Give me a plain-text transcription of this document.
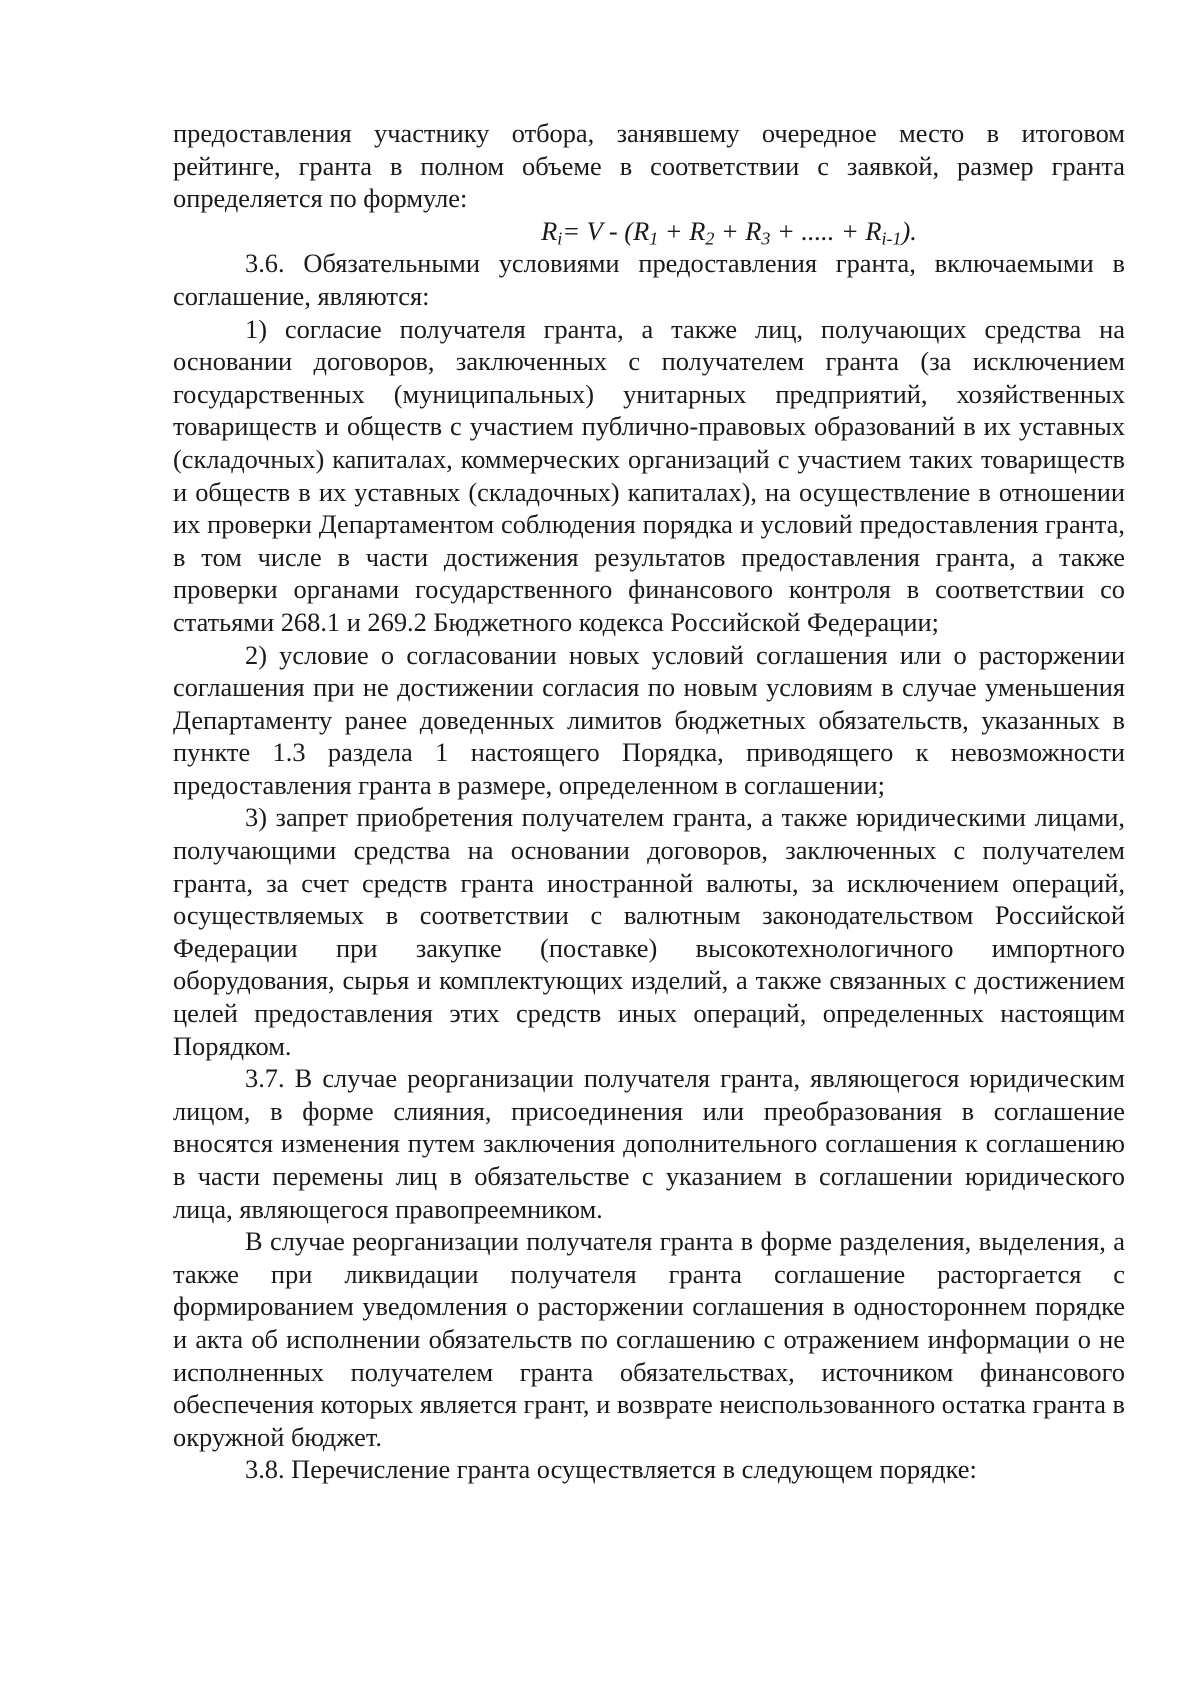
предоставления участнику отбора, занявшему очередное место в итоговом рейтинге, гранта в полном объеме в соответствии с заявкой, размер гранта определяется по формуле:

$R_i= V - (R_1 + R_2 + R_3$ + ..... + $R_{i-1}$).

3.6. Обязательными условиями предоставления гранта, включаемыми в соглашение, являются:

1) согласие получателя гранта, а также лиц, получающих средства на основании договоров, заключенных с получателем гранта (за исключением государственных (муниципальных) унитарных предприятий, хозяйственных товариществ и обществ с участием публично-правовых образований в их уставных (складочных) капиталах, коммерческих организаций с участием таких товариществ и обществ в их уставных (складочных) капиталах), на осуществление в отношении их проверки Департаментом соблюдения порядка и условий предоставления гранта, в том числе в части достижения результатов предоставления гранта, а также проверки органами государственного финансового контроля в соответствии со статьями 268.1 и 269.2 Бюджетного кодекса Российской Федерации;

2) условие о согласовании новых условий соглашения или о расторжении соглашения при не достижении согласия по новым условиям в случае уменьшения Департаменту ранее доведенных лимитов бюджетных обязательств, указанных в пункте 1.3 раздела 1 настоящего Порядка, приводящего к невозможности предоставления гранта в размере, определенном в соглашении;

3) запрет приобретения получателем гранта, а также юридическими лицами, получающими средства на основании договоров, заключенных с получателем гранта, за счет средств гранта иностранной валюты, за исключением операций, осуществляемых в соответствии с валютным законодательством Российской Федерации при закупке (поставке) высокотехнологичного импортного оборудования, сырья и комплектующих изделий, а также связанных с достижением целей предоставления этих средств иных операций, определенных настоящим Порядком.

3.7. В случае реорганизации получателя гранта, являющегося юридическим лицом, в форме слияния, присоединения или преобразования в соглашение вносятся изменения путем заключения дополнительного соглашения к соглашению в части перемены лиц в обязательстве с указанием в соглашении юридического лица, являющегося правопреемником.

В случае реорганизации получателя гранта в форме разделения, выделения, а также при ликвидации получателя гранта соглашение расторгается с формированием уведомления о расторжении соглашения в одностороннем порядке и акта об исполнении обязательств по соглашению с отражением информации о не исполненных получателем гранта обязательствах, источником финансового обеспечения которых является грант, и возврате неиспользованного остатка гранта в окружной бюджет.

3.8. Перечисление гранта осуществляется в следующем порядке:
